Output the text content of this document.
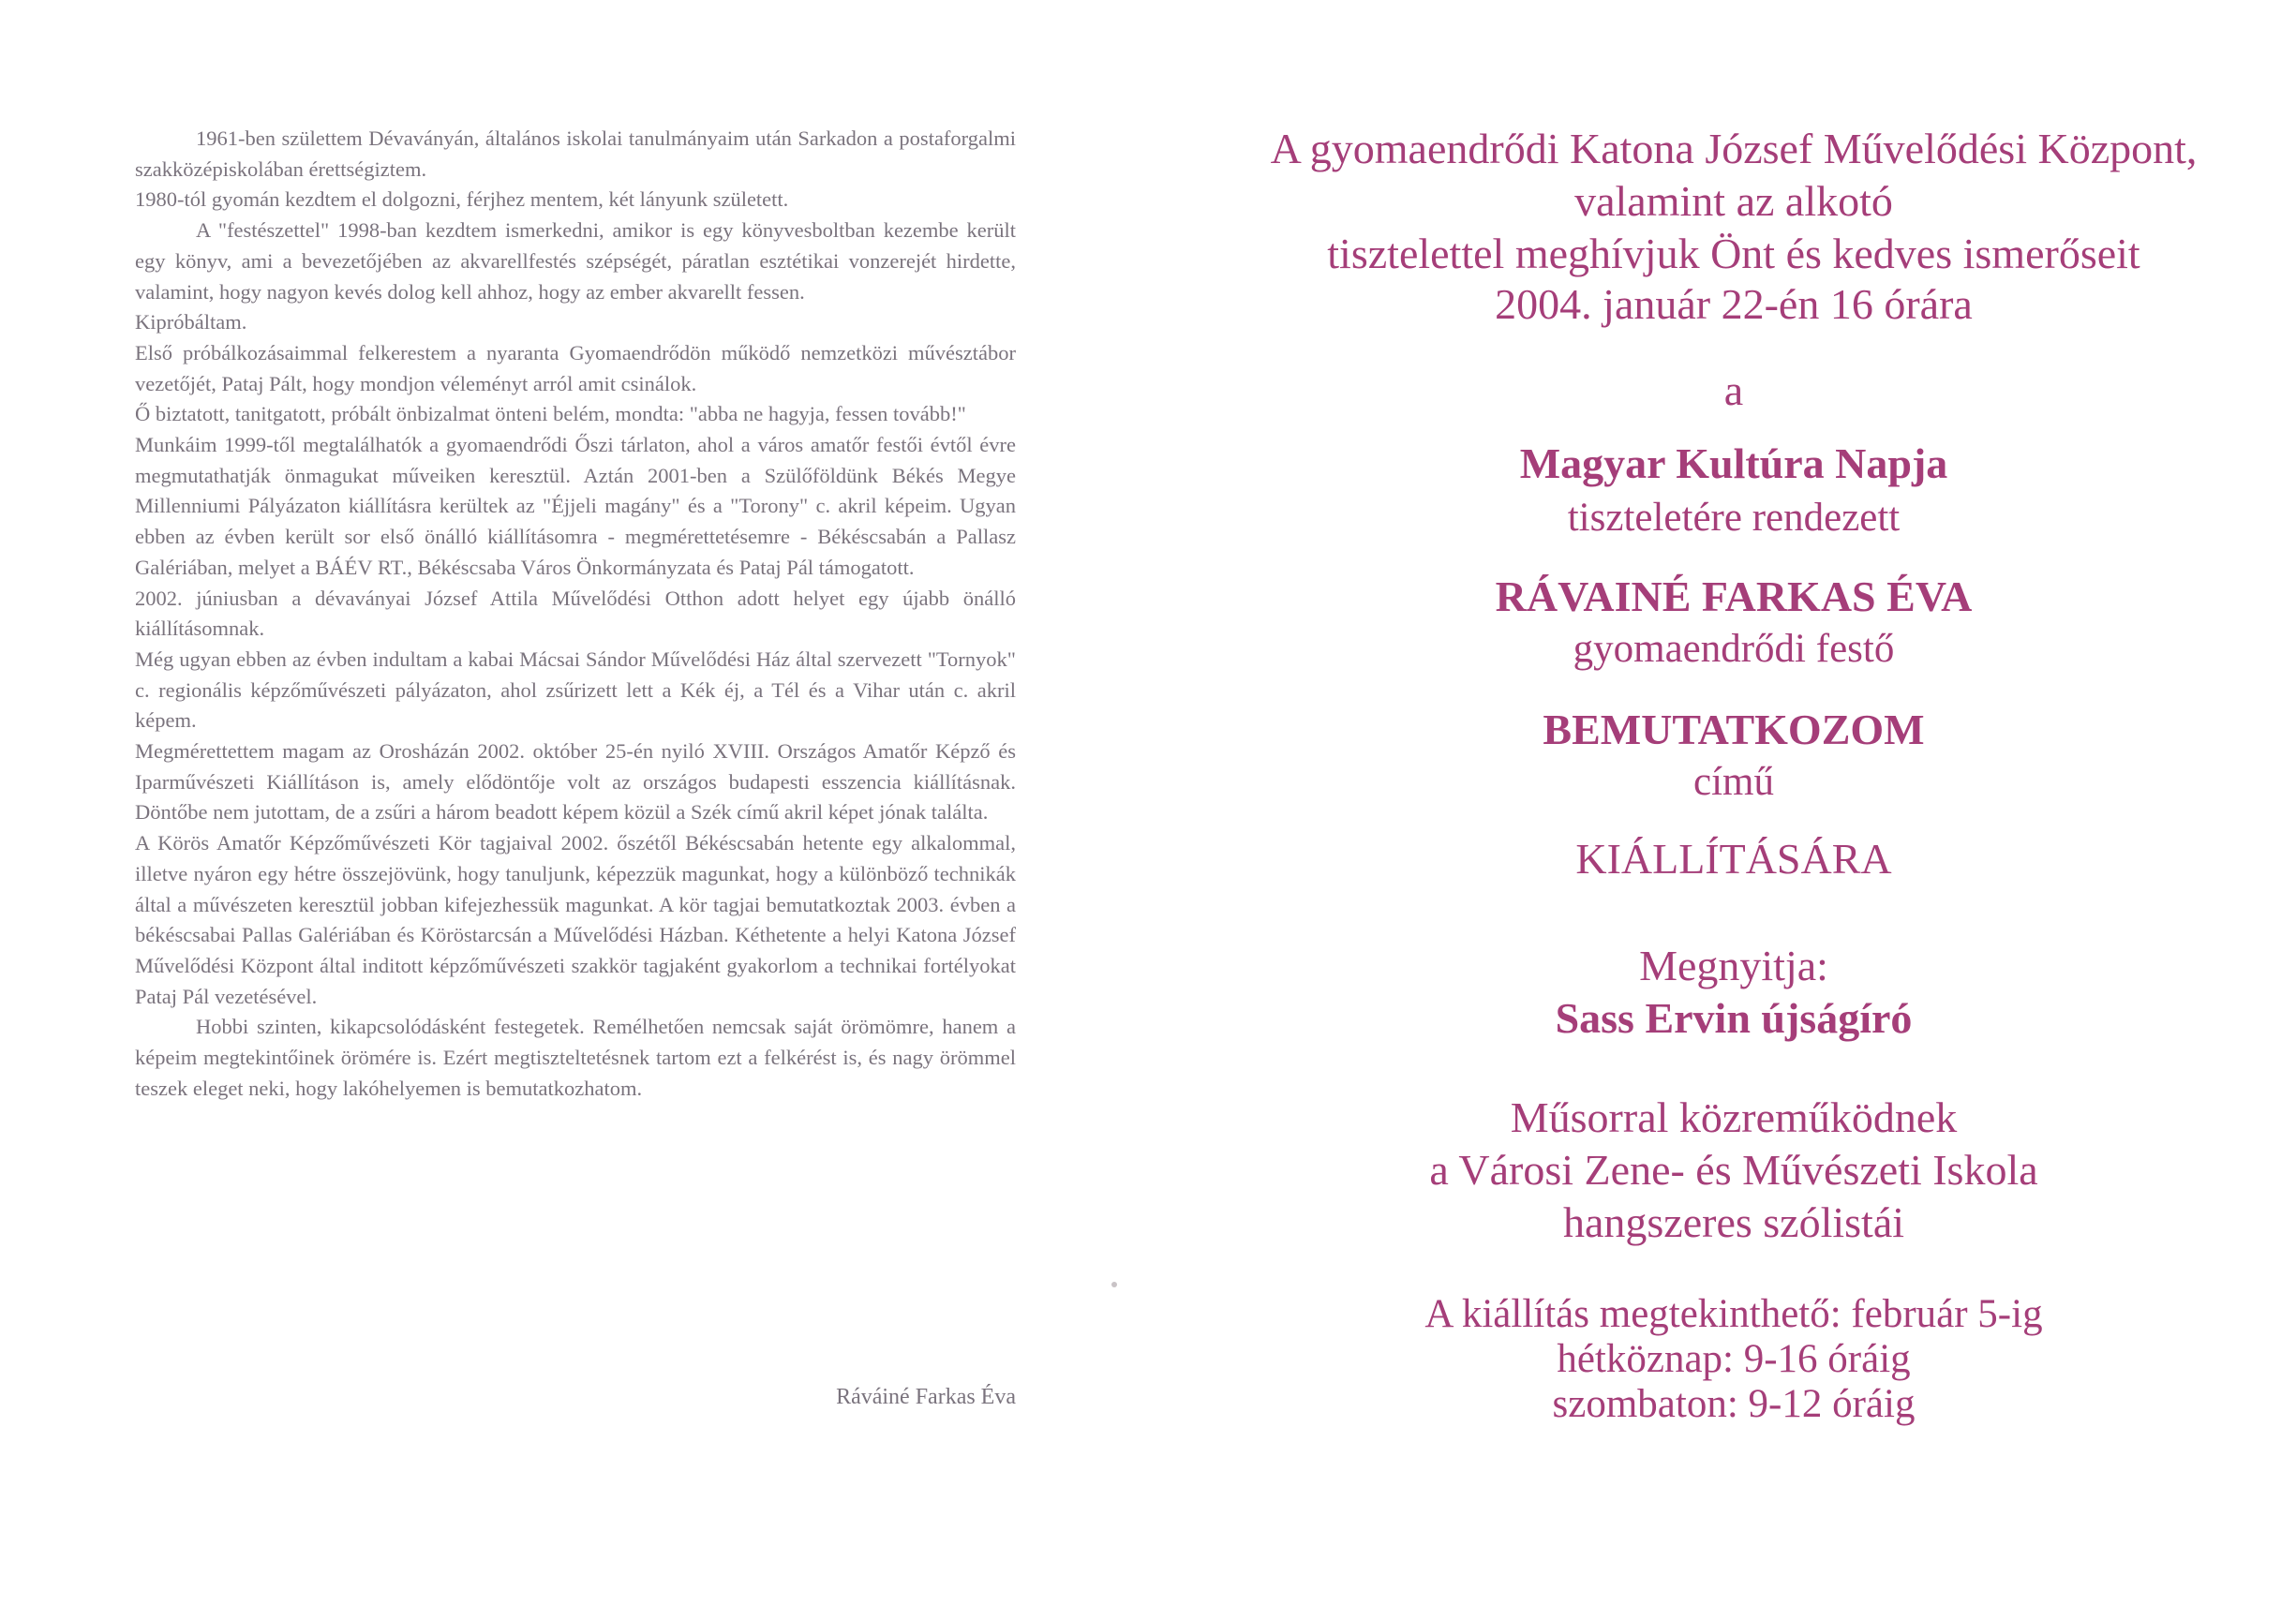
1961-ben születtem Dévaványán, általános iskolai tanulmányaim után Sarkadon a postaforgalmi szakközépiskolában érettségiztem.

1980-tól gyomán kezdtem el dolgozni, férjhez mentem, két lányunk született.

A "festészettel" 1998-ban kezdtem ismerkedni, amikor is egy könyvesboltban kezembe került egy könyv, ami a bevezetőjében az akvarellfestés szépségét, páratlan esztétikai vonzerejét hirdette, valamint, hogy nagyon kevés dolog kell ahhoz, hogy az ember akvarellt fessen.

Kipróbáltam.

Első próbálkozásaimmal felkerestem a nyaranta Gyomaendrődön működő nemzetközi művésztábor vezetőjét, Pataj Pált, hogy mondjon véleményt arról amit csinálok.

Ő biztatott, tanitgatott, próbált önbizalmat önteni belém, mondta: "abba ne hagyja, fessen tovább!"

Munkáim 1999-től megtalálhatók a gyomaendrődi Őszi tárlaton, ahol a város amatőr festői évtől évre megmutathatják önmagukat műveiken keresztül. Aztán 2001-ben a Szülőföldünk Békés Megye Millenniumi Pályázaton kiállításra kerültek az "Éjjeli magány" és a "Torony" c. akril képeim. Ugyan ebben az évben került sor első önálló kiállításomra - megmérettetésemre - Békéscsabán a Pallasz Galériában, melyet a BÁÉV RT., Békéscsaba Város Önkormányzata és Pataj Pál támogatott.

2002. júniusban a dévaványai József Attila Művelődési Otthon adott helyet egy újabb önálló kiállításomnak.

Még ugyan ebben az évben indultam a kabai Mácsai Sándor Művelődési Ház által szervezett "Tornyok" c. regionális képzőművészeti pályázaton, ahol zsűrizett lett a Kék éj, a Tél és a Vihar után c. akril képem.

Megmérettettem magam az Orosházán 2002. október 25-én nyiló XVIII. Országos Amatőr Képző és Iparművészeti Kiállításon is, amely elődöntője volt az országos budapesti esszencia kiállításnak. Döntőbe nem jutottam, de a zsűri a három beadott képem közül a Szék című akril képet jónak találta.

A Körös Amatőr Képzőművészeti Kör tagjaival 2002. őszétől Békéscsabán hetente egy alkalommal, illetve nyáron egy hétre összejövünk, hogy tanuljunk, képezzük magunkat, hogy a különböző technikák által a művészeten keresztül jobban kifejezhessük magunkat. A kör tagjai bemutatkoztak 2003. évben a békéscsabai Pallas Galériában és Köröstarcsán a Művelődési Házban. Kéthetente a helyi Katona József Művelődési Központ által inditott képzőművészeti szakkör tagjaként gyakorlom a technikai fortélyokat Pataj Pál vezetésével.

Hobbi szinten, kikapcsolódásként festegetek. Remélhetően nemcsak saját örömömre, hanem a képeim megtekintőinek örömére is. Ezért megtiszteltetésnek tartom ezt a felkérést is, és nagy örömmel teszek eleget neki, hogy lakóhelyemen is bemutatkozhatom.

Ráváiné Farkas Éva
A gyomaendrődi Katona József Művelődési Központ,
valamint az alkotó
tisztelettel meghívjuk Önt és kedves ismerőseit
2004. január 22-én 16 órára
a
Magyar Kultúra Napja
tiszteletére rendezett
RÁVAINÉ FARKAS ÉVA
gyomaendrődi festő
BEMUTATKOZOM
című
KIÁLLÍTÁSÁRA
Megnyitja:
Sass Ervin újságíró
Műsorral közreműködnek
a Városi Zene- és Művészeti Iskola
hangszeres szólistái
A kiállítás megtekinthető: február 5-ig
hétköznap: 9-16 óráig
szombaton: 9-12 óráig
